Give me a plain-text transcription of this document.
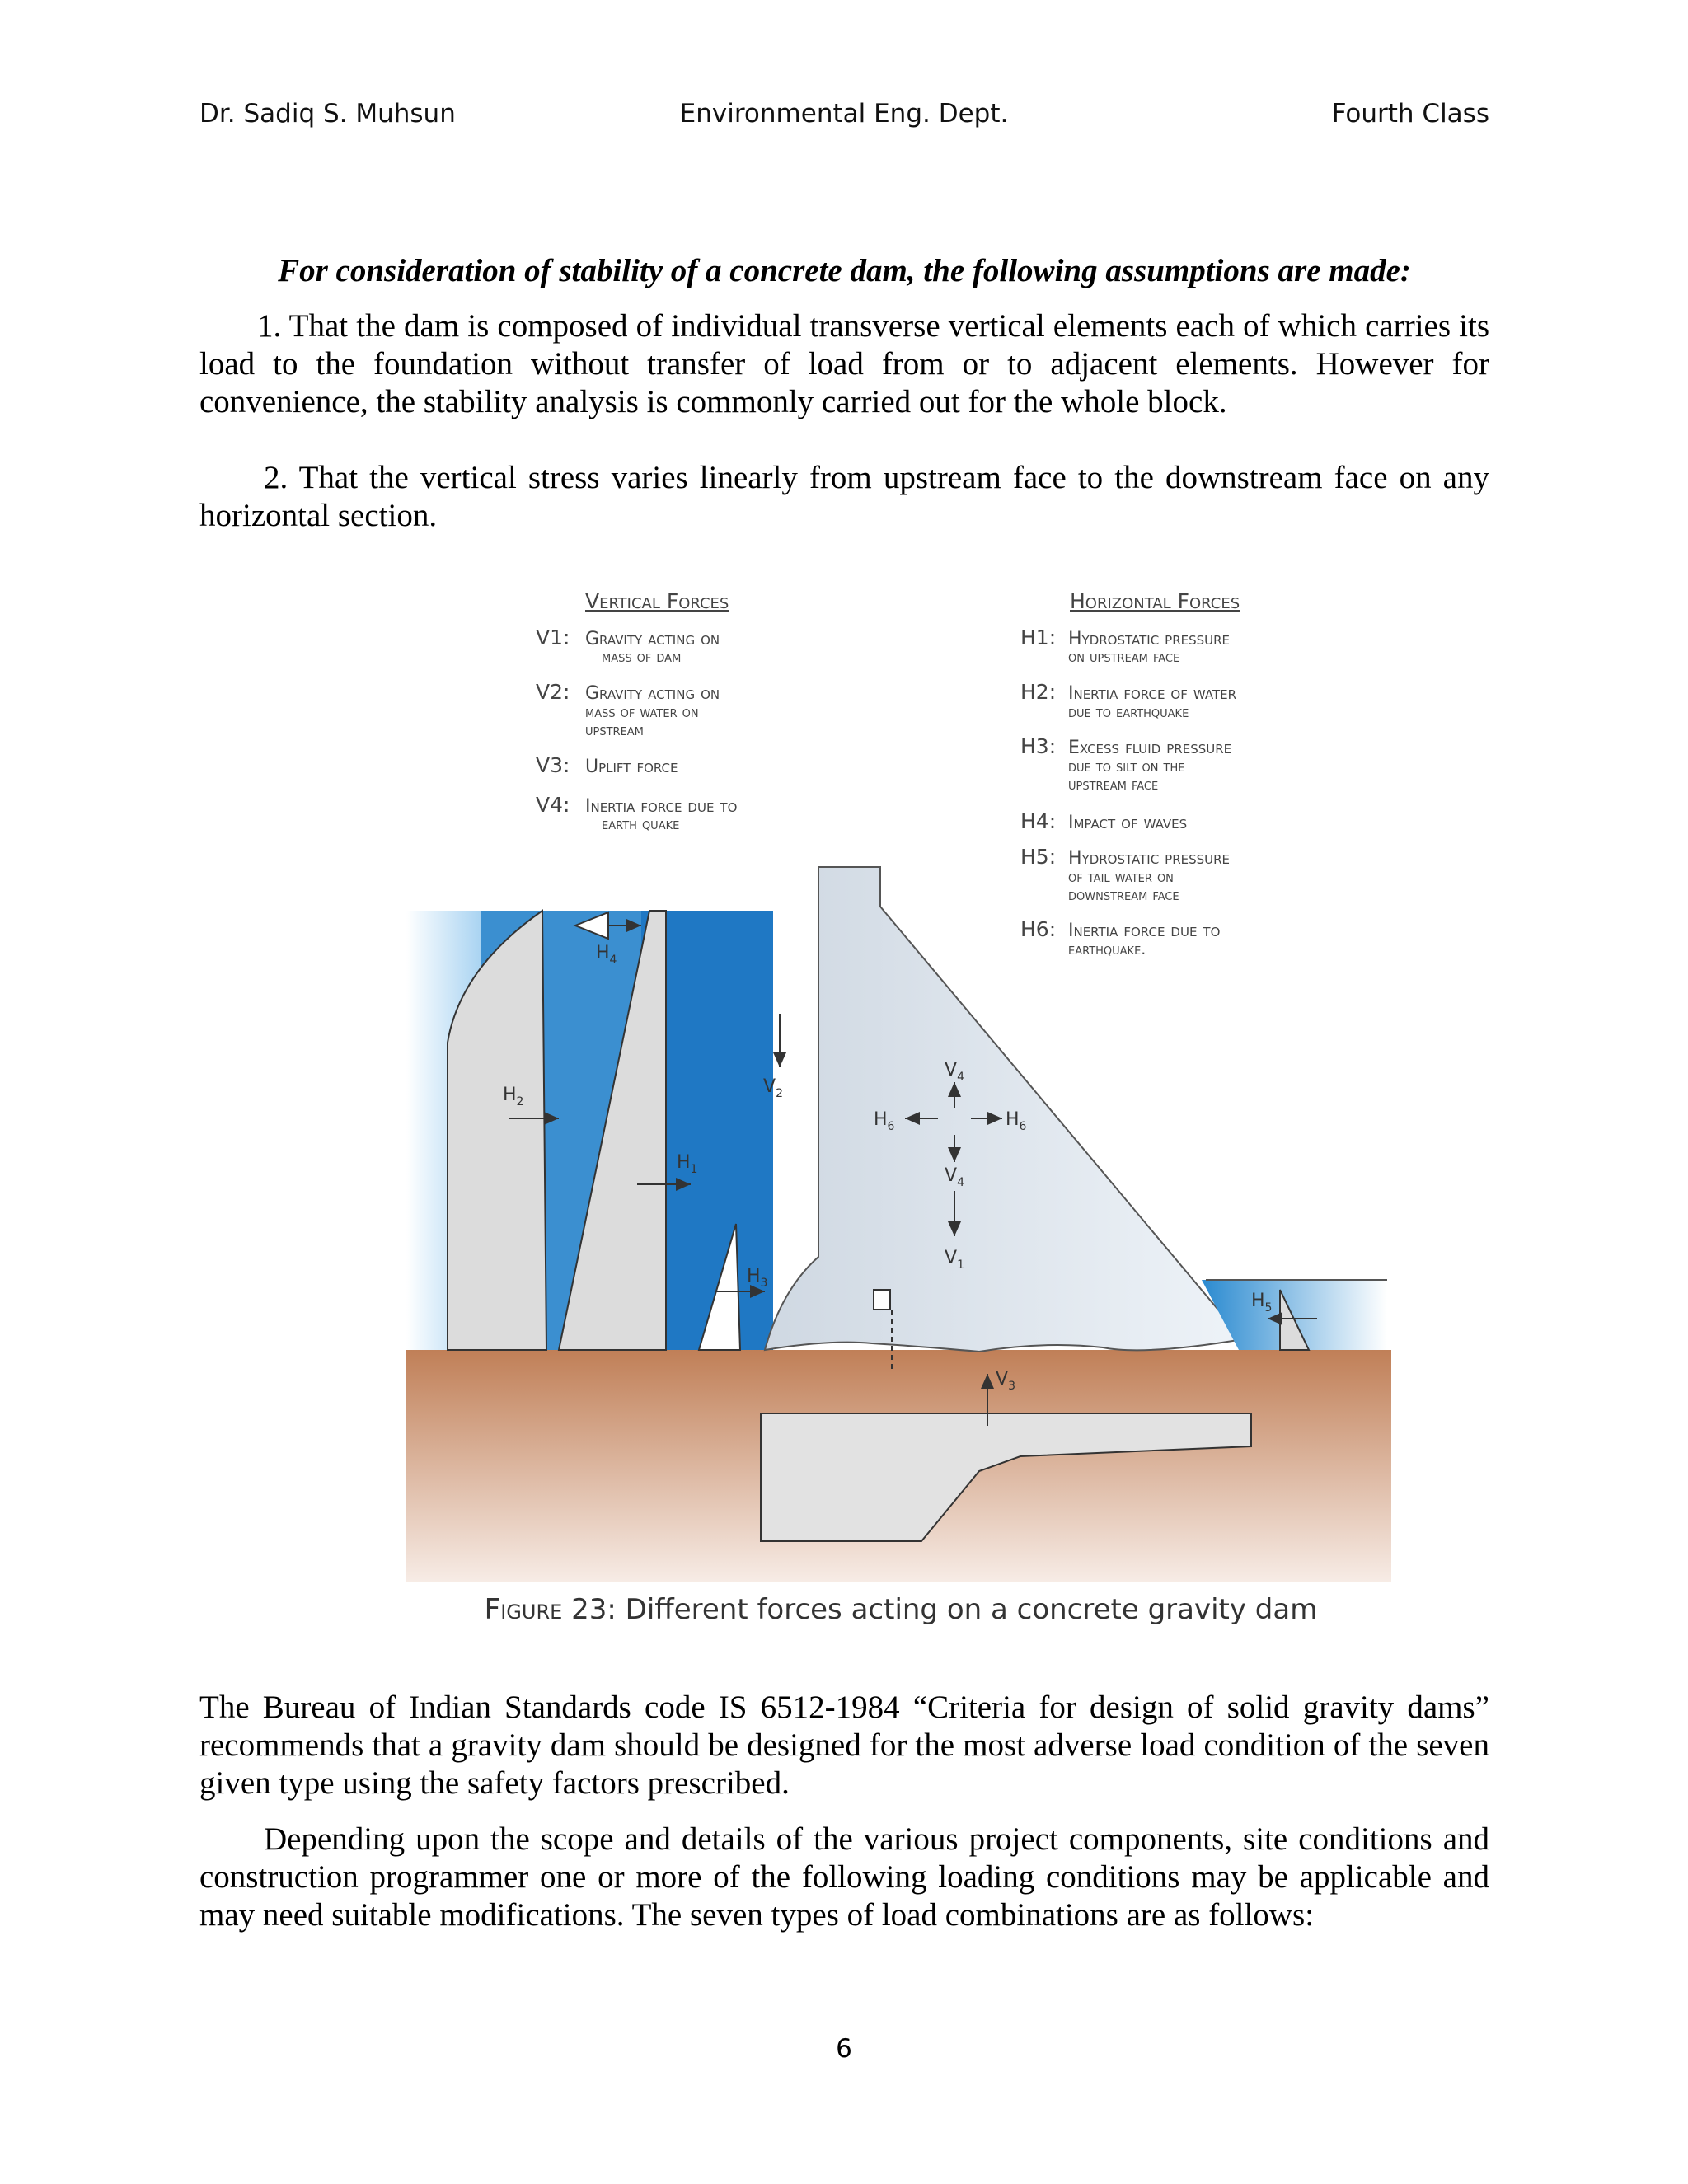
Dr. Sadiq S. Muhsun	Environmental Eng. Dept.	Fourth Class
For consideration of stability of a concrete dam, the following assumptions are made:
1. That the dam is composed of individual transverse vertical elements each of which carries its load to the foundation without transfer of load from or to adjacent elements. However for convenience, the stability analysis is commonly carried out for the whole block.
2. That the vertical stress varies linearly from upstream face to the downstream face on any horizontal section.
$H_4$
$H_2$
$H_1$
$H_3$
$V_2$
$V_4$
$H_6$	$H_6$
$V_4$
$V_1$
$H_5$
$V_3$
Vertical Forces
V1: Gravity acting on
mass of dam
V2: Gravity acting on
mass of water on
upstream
V3: Uplift force
V4: Inertia force due to
earth quake
Horizontal Forces
H1: Hydrostatic pressure
on upstream face
H2: Inertia force of water
due to earthquake
H3: Excess fluid pressure
due to silt on the
upstream face
H4: Impact of waves
H5: Hydrostatic pressure
of tail water on
downstream face
H6: Inertia force due to
earthquake.
Figure 23: Different forces acting on a concrete gravity dam
The Bureau of Indian Standards code IS 6512-1984 “Criteria for design of solid gravity dams” recommends that a gravity dam should be designed for the most adverse load condition of the seven given type using the safety factors prescribed.
Depending upon the scope and details of the various project components, site conditions and construction programmer one or more of the following loading conditions may be applicable and may need suitable modifications. The seven types of load combinations are as follows:
6
